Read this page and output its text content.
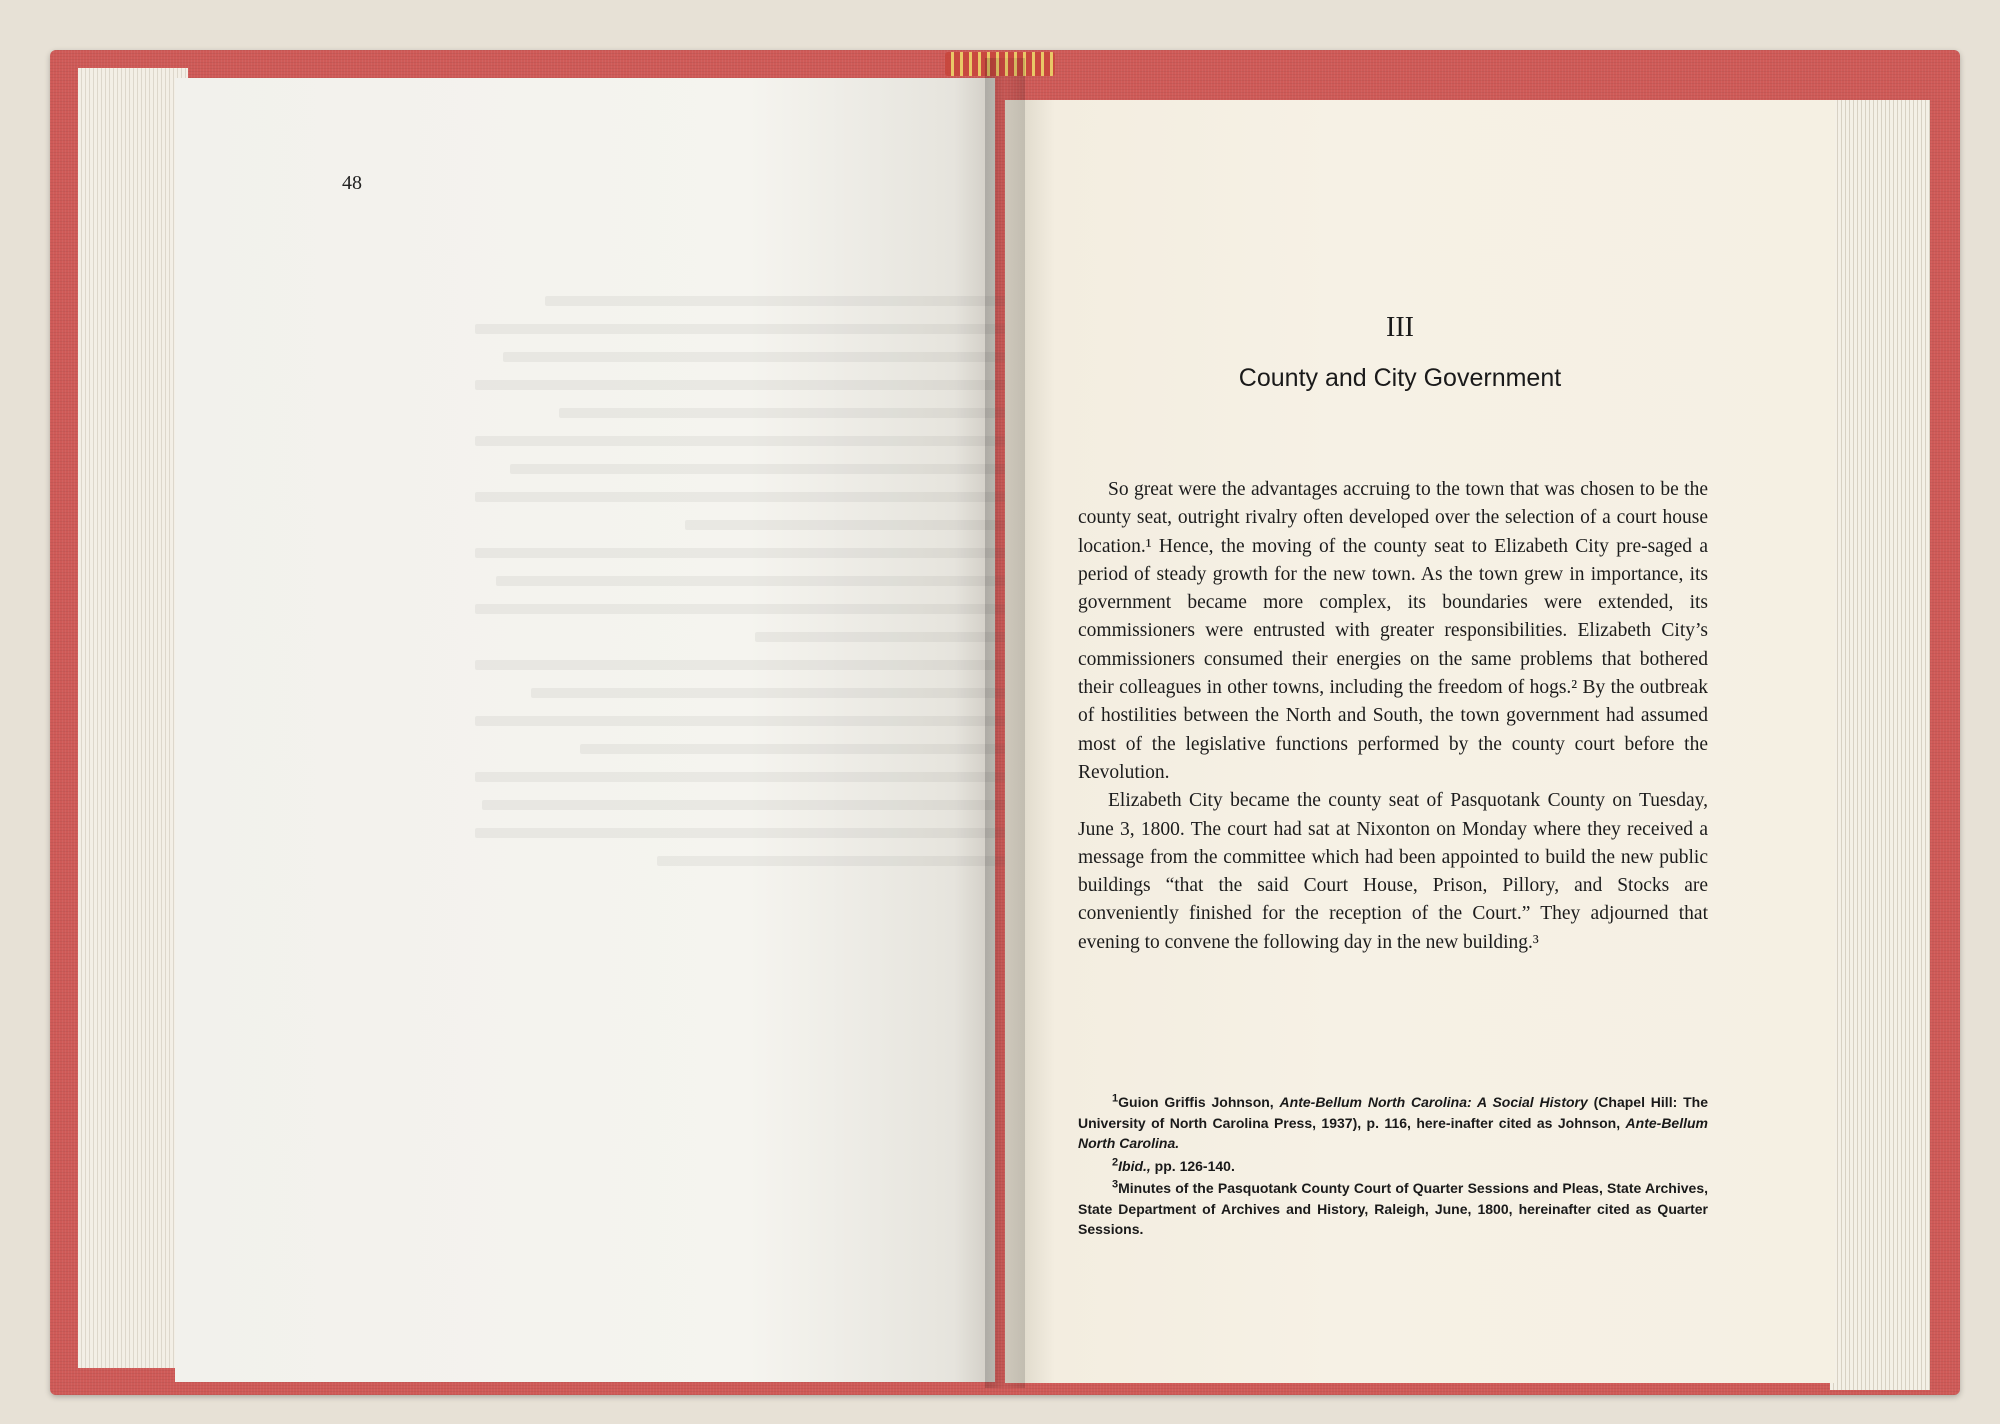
48
III
County and City Government

So great were the advantages accruing to the town that was chosen to be the county seat, outright rivalry often developed over the selection of a court house location.¹ Hence, the moving of the county seat to Elizabeth City pre-saged a period of steady growth for the new town. As the town grew in importance, its government became more complex, its boundaries were extended, its commissioners were entrusted with greater responsibilities. Elizabeth City’s commissioners consumed their energies on the same problems that bothered their colleagues in other towns, including the freedom of hogs.² By the outbreak of hostilities between the North and South, the town government had assumed most of the legislative functions performed by the county court before the Revolution.

Elizabeth City became the county seat of Pasquotank County on Tuesday, June 3, 1800. The court had sat at Nixonton on Monday where they received a message from the committee which had been appointed to build the new public buildings “that the said Court House, Prison, Pillory, and Stocks are conveniently finished for the reception of the Court.” They adjourned that evening to convene the following day in the new building.³

$^1$Guion Griffis Johnson, Ante-Bellum North Carolina: A Social History (Chapel Hill: The University of North Carolina Press, 1937), p. 116, here-inafter cited as Johnson, Ante-Bellum North Carolina.

$^2$Ibid., pp. 126-140.

$^3$Minutes of the Pasquotank County Court of Quarter Sessions and Pleas, State Archives, State Department of Archives and History, Raleigh, June, 1800, hereinafter cited as Quarter Sessions.
